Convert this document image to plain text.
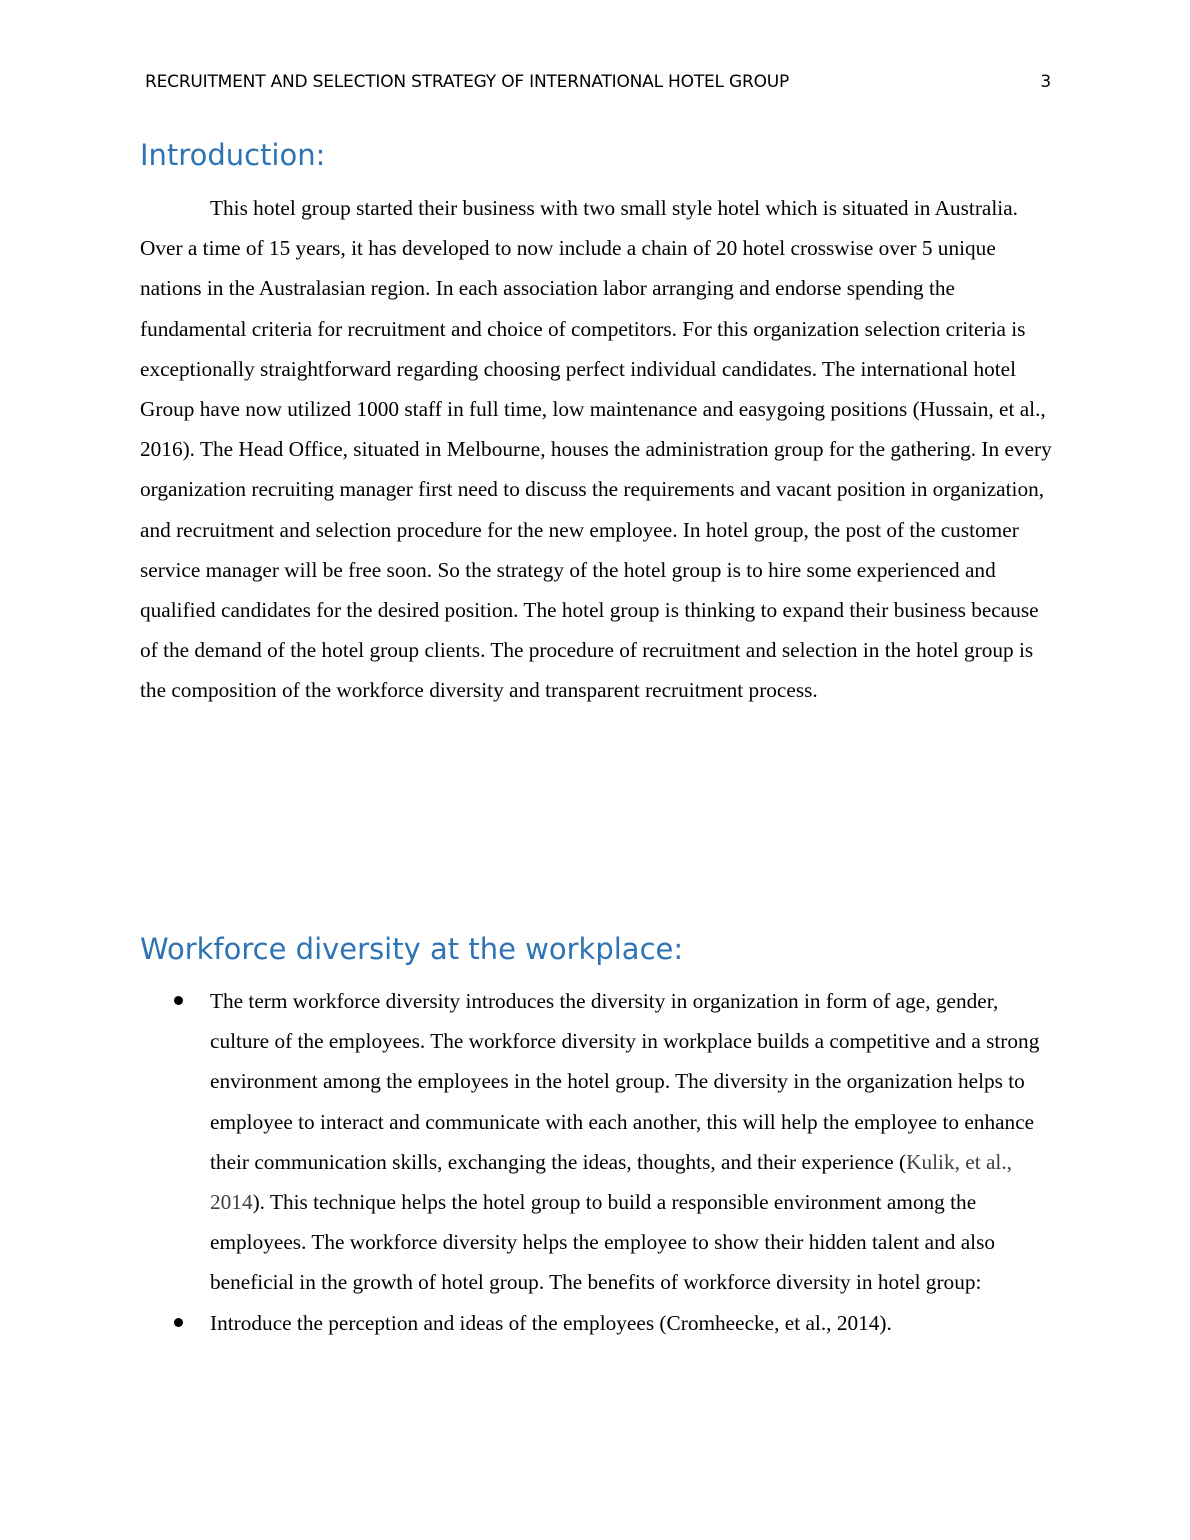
RECRUITMENT AND SELECTION STRATEGY OF INTERNATIONAL HOTEL GROUP	3
Introduction:

This hotel group started their business with two small style hotel which is situated in Australia. Over a time of 15 years, it has developed to now include a chain of 20 hotel crosswise over 5 unique nations in the Australasian region. In each association labor arranging and endorse spending the fundamental criteria for recruitment and choice of competitors. For this organization selection criteria is exceptionally straightforward regarding choosing perfect individual candidates. The international hotel Group have now utilized 1000 staff in full time, low maintenance and easygoing positions (Hussain, et al., 2016). The Head Office, situated in Melbourne, houses the administration group for the gathering. In every organization recruiting manager first need to discuss the requirements and vacant position in organization, and recruitment and selection procedure for the new employee. In hotel group, the post of the customer service manager will be free soon. So the strategy of the hotel group is to hire some experienced and qualified candidates for the desired position. The hotel group is thinking to expand their business because of the demand of the hotel group clients. The procedure of recruitment and selection in the hotel group is the composition of the workforce diversity and transparent recruitment process.

Workforce diversity at the workplace:
The term workforce diversity introduces the diversity in organization in form of age, gender, culture of the employees. The workforce diversity in workplace builds a competitive and a strong environment among the employees in the hotel group. The diversity in the organization helps to employee to interact and communicate with each another, this will help the employee to enhance their communication skills, exchanging the ideas, thoughts, and their experience (Kulik, et al., 2014). This technique helps the hotel group to build a responsible environment among the employees. The workforce diversity helps the employee to show their hidden talent and also beneficial in the growth of hotel group. The benefits of workforce diversity in hotel group:
Introduce the perception and ideas of the employees (Cromheecke, et al., 2014).
